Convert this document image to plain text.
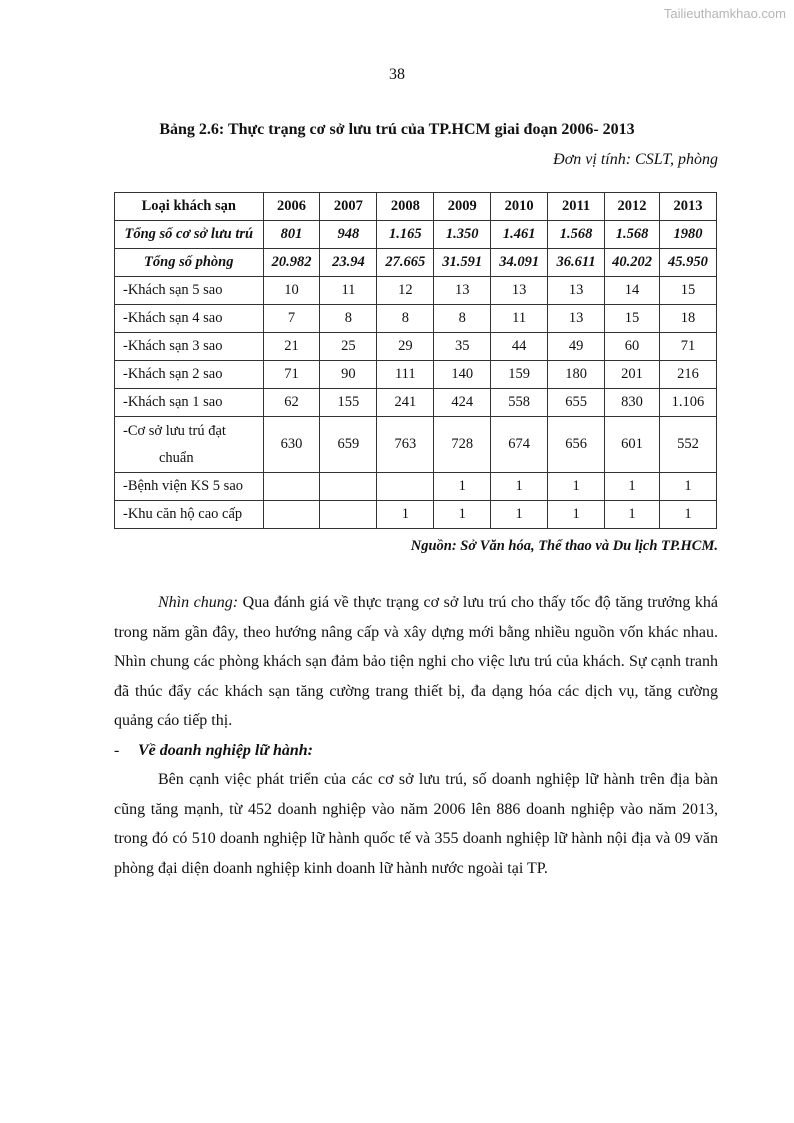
Tailieuthamkhao.com
38
Bảng 2.6: Thực trạng cơ sở lưu trú của TP.HCM giai đoạn 2006- 2013
Đơn vị tính: CSLT, phòng
Loại khách sạn	2006	2007	2008	2009	2010	2011	2012	2013
Tổng số cơ sở lưu trú	801	948	1.165	1.350	1.461	1.568	1.568	1980
Tổng số phòng	20.982	23.94	27.665	31.591	34.091	36.611	40.202	45.950
-Khách sạn 5 sao	10	11	12	13	13	13	14	15
-Khách sạn 4 sao	7	8	8	8	11	13	15	18
-Khách sạn 3 sao	21	25	29	35	44	49	60	71
-Khách sạn 2 sao	71	90	111	140	159	180	201	216
-Khách sạn 1 sao	62	155	241	424	558	655	830	1.106
-Cơ sở lưu trú đạt
chuẩn	630	659	763	728	674	656	601	552
-Bệnh viện KS 5 sao				1	1	1	1	1
-Khu căn hộ cao cấp			1	1	1	1	1	1
Nguồn: Sở Văn hóa, Thể thao và Du lịch TP.HCM.

Nhìn chung: Qua đánh giá về thực trạng cơ sở lưu trú cho thấy tốc độ tăng trưởng khá trong năm gần đây, theo hướng nâng cấp và xây dựng mới bằng nhiều nguồn vốn khác nhau. Nhìn chung các phòng khách sạn đảm bảo tiện nghi cho việc lưu trú của khách. Sự cạnh tranh đã thúc đẩy các khách sạn tăng cường trang thiết bị, đa dạng hóa các dịch vụ, tăng cường quảng cáo tiếp thị.

- Về doanh nghiệp lữ hành:

Bên cạnh việc phát triển của các cơ sở lưu trú, số doanh nghiệp lữ hành trên địa bàn cũng tăng mạnh, từ 452 doanh nghiệp vào năm 2006 lên 886 doanh nghiệp vào năm 2013, trong đó có 510 doanh nghiệp lữ hành quốc tế và 355 doanh nghiệp lữ hành nội địa và 09 văn phòng đại diện doanh nghiệp kinh doanh lữ hành nước ngoài tại TP.
